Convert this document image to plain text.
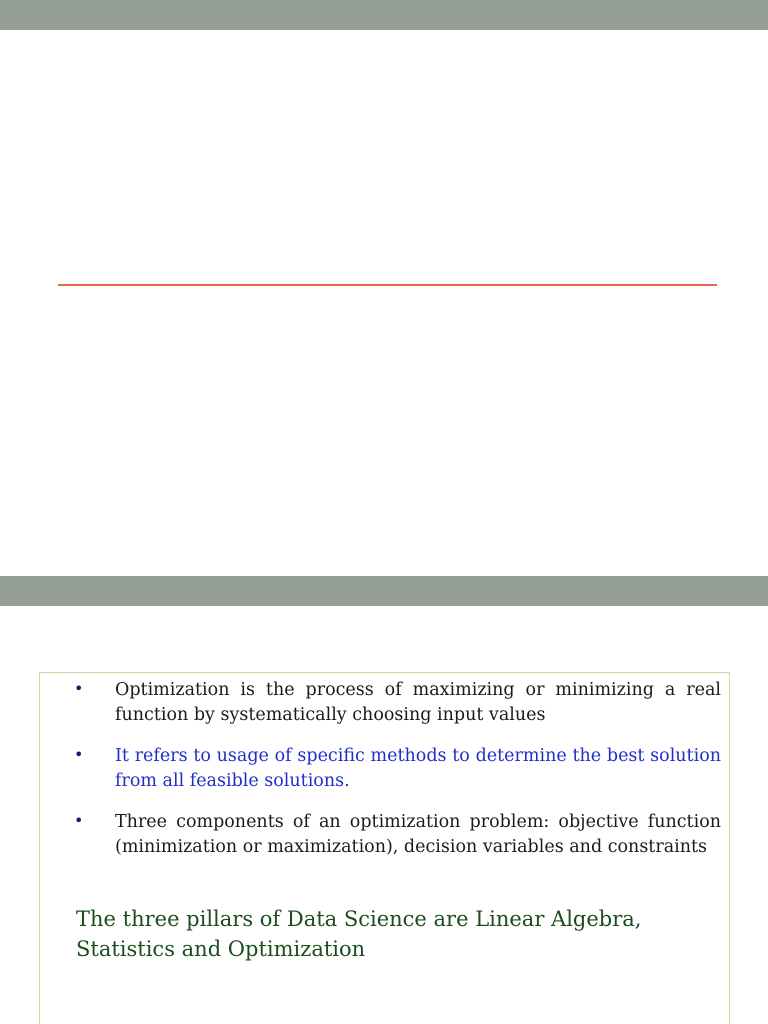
• Optimization is the process of maximizing or minimizing a real function by systematically choosing input values
• It refers to usage of specific methods to determine the best solution from all feasible solutions.
• Three components of an optimization problem: objective function (minimization or maximization), decision variables and constraints

The three pillars of Data Science are Linear Algebra, Statistics and Optimization
